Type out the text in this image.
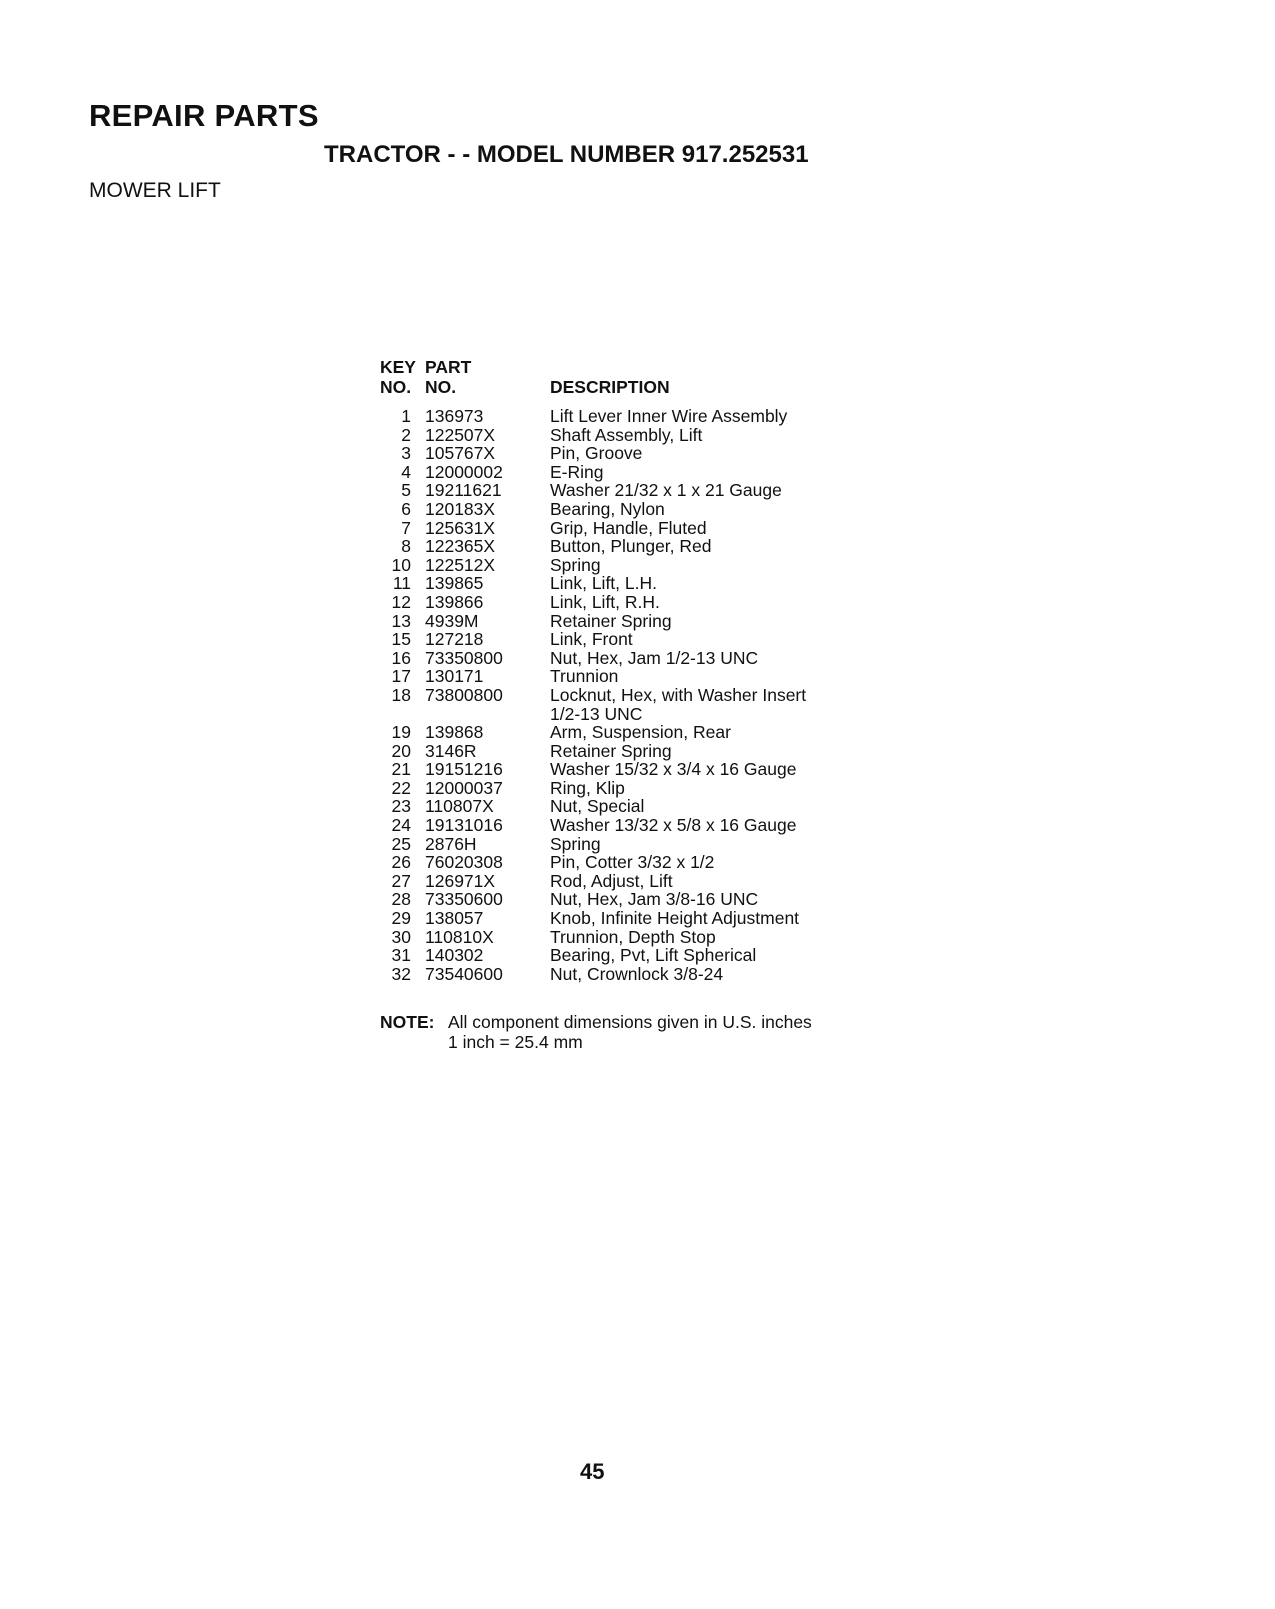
REPAIR PARTS
TRACTOR - - MODEL NUMBER 917.252531
MOWER LIFT
KEY	PART	
NO.	NO.	DESCRIPTION
1	136973	Lift Lever Inner Wire Assembly

2	122507X	Shaft Assembly, Lift

3	105767X	Pin, Groove

4	12000002	E-Ring

5	19211621	Washer 21/32 x 1 x 21 Gauge

6	120183X	Bearing, Nylon

7	125631X	Grip, Handle, Fluted

8	122365X	Button, Plunger, Red

10	122512X	Spring

11	139865	Link, Lift, L.H.

12	139866	Link, Lift, R.H.

13	4939M	Retainer Spring

15	127218	Link, Front

16	73350800	Nut, Hex, Jam 1/2-13 UNC

17	130171	Trunnion

18	73800800	Locknut, Hex, with Washer Insert
1/2-13 UNC

19	139868	Arm, Suspension, Rear

20	3146R	Retainer Spring

21	19151216	Washer 15/32 x 3/4 x 16 Gauge

22	12000037	Ring, Klip

23	110807X	Nut, Special

24	19131016	Washer 13/32 x 5/8 x 16 Gauge

25	2876H	Spring

26	76020308	Pin, Cotter 3/32 x 1/2

27	126971X	Rod, Adjust, Lift

28	73350600	Nut, Hex, Jam 3/8-16 UNC

29	138057	Knob, Infinite Height Adjustment

30	110810X	Trunnion, Depth Stop

31	140302	Bearing, Pvt, Lift Spherical

32	73540600	Nut, Crownlock 3/8-24
NOTE: All component dimensions given in U.S. inches
1 inch = 25.4 mm
45
